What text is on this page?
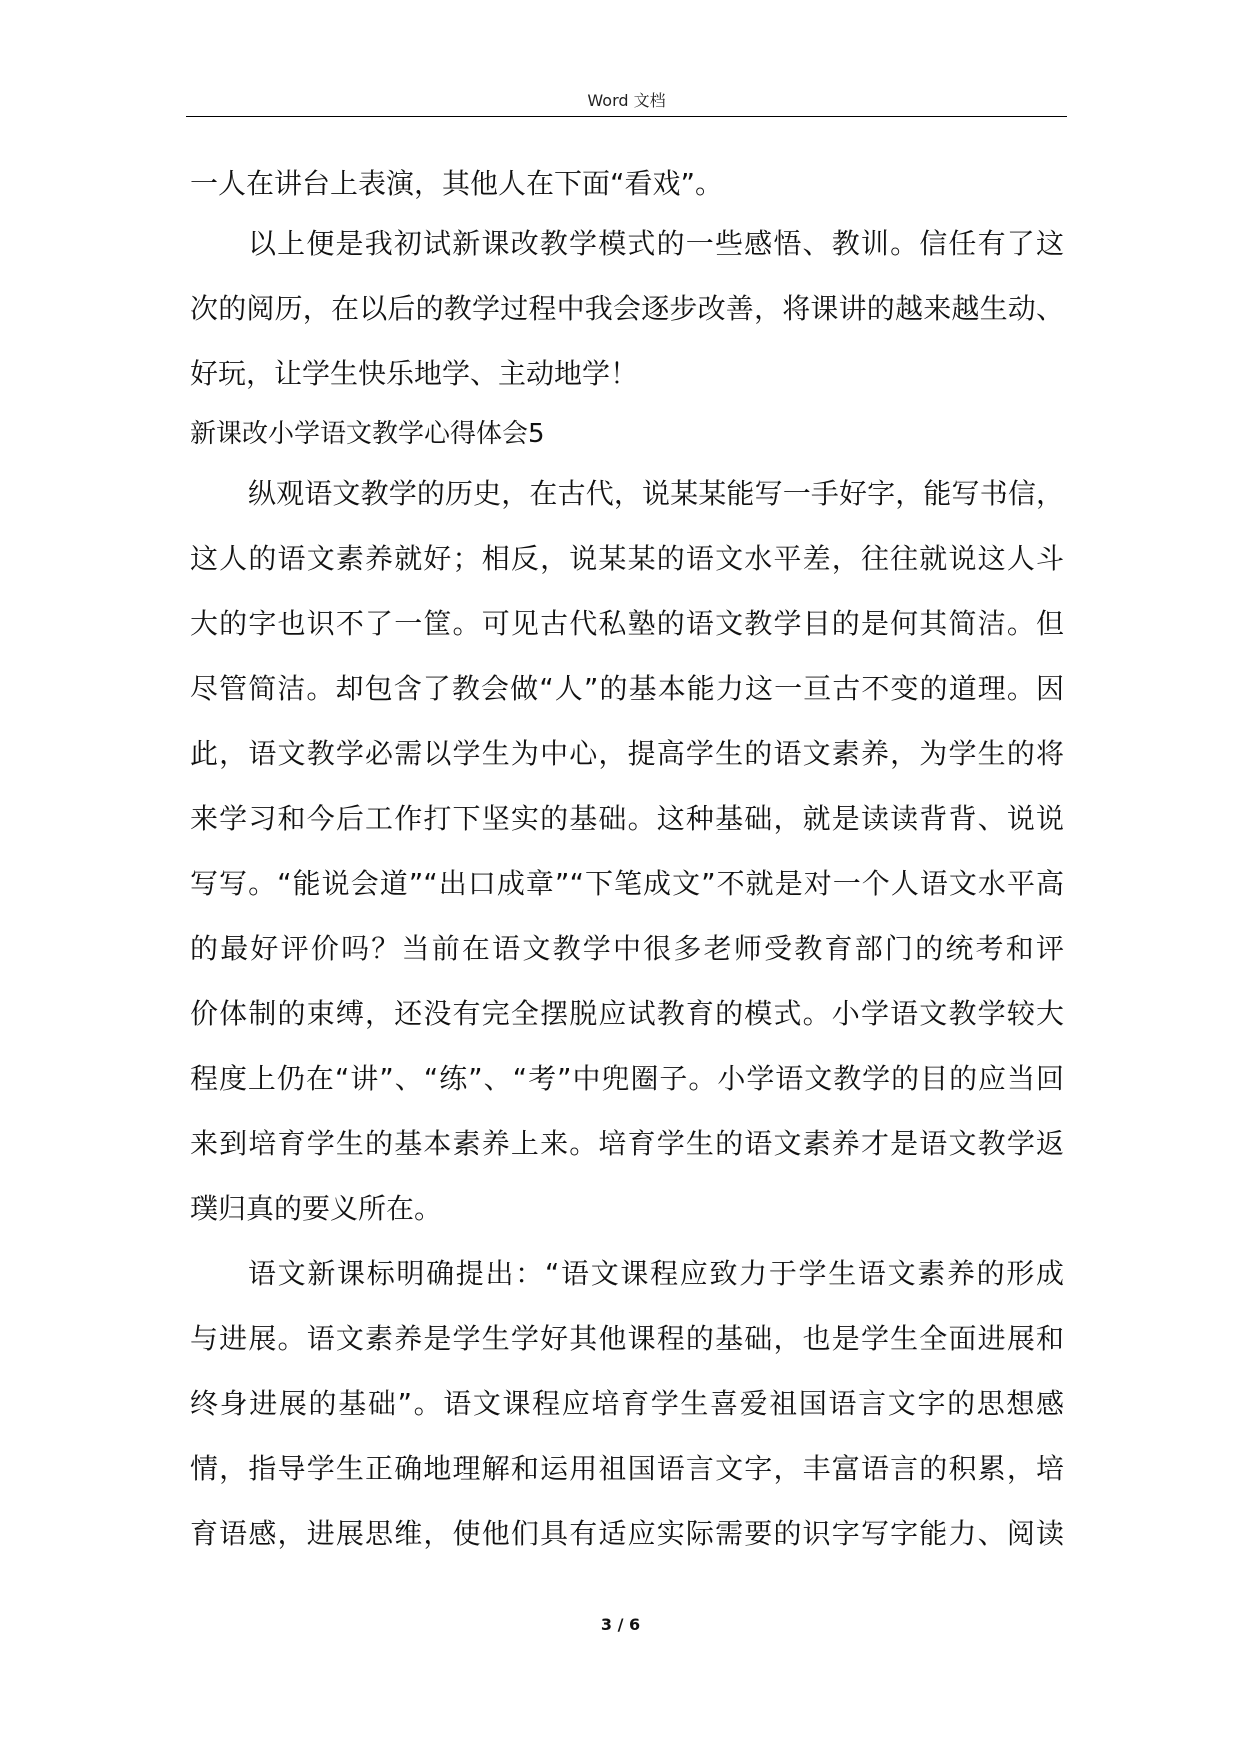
Word 文档
一人在讲台上表演，其他人在下面“看戏”。
以上便是我初试新课改教学模式的一些感悟、教训。信任有了这
次的阅历，在以后的教学过程中我会逐步改善，将课讲的越来越生动、
好玩，让学生快乐地学、主动地学！
新课改小学语文教学心得体会5
纵观语文教学的历史，在古代，说某某能写一手好字，能写书信，
这人的语文素养就好；相反，说某某的语文水平差，往往就说这人斗
大的字也识不了一筐。可见古代私塾的语文教学目的是何其简洁。但
尽管简洁。却包含了教会做“人”的基本能力这一亘古不变的道理。因
此，语文教学必需以学生为中心，提高学生的语文素养，为学生的将
来学习和今后工作打下坚实的基础。这种基础，就是读读背背、说说
写写。“能说会道”“出口成章”“下笔成文”不就是对一个人语文水平高
的最好评价吗？当前在语文教学中很多老师受教育部门的统考和评
价体制的束缚，还没有完全摆脱应试教育的模式。小学语文教学较大
程度上仍在“讲”、“练”、“考”中兜圈子。小学语文教学的目的应当回
来到培育学生的基本素养上来。培育学生的语文素养才是语文教学返
璞归真的要义所在。
语文新课标明确提出：“语文课程应致力于学生语文素养的形成
与进展。语文素养是学生学好其他课程的基础，也是学生全面进展和
终身进展的基础”。语文课程应培育学生喜爱祖国语言文字的思想感
情，指导学生正确地理解和运用祖国语言文字，丰富语言的积累，培
育语感，进展思维，使他们具有适应实际需要的识字写字能力、阅读
3 / 6
